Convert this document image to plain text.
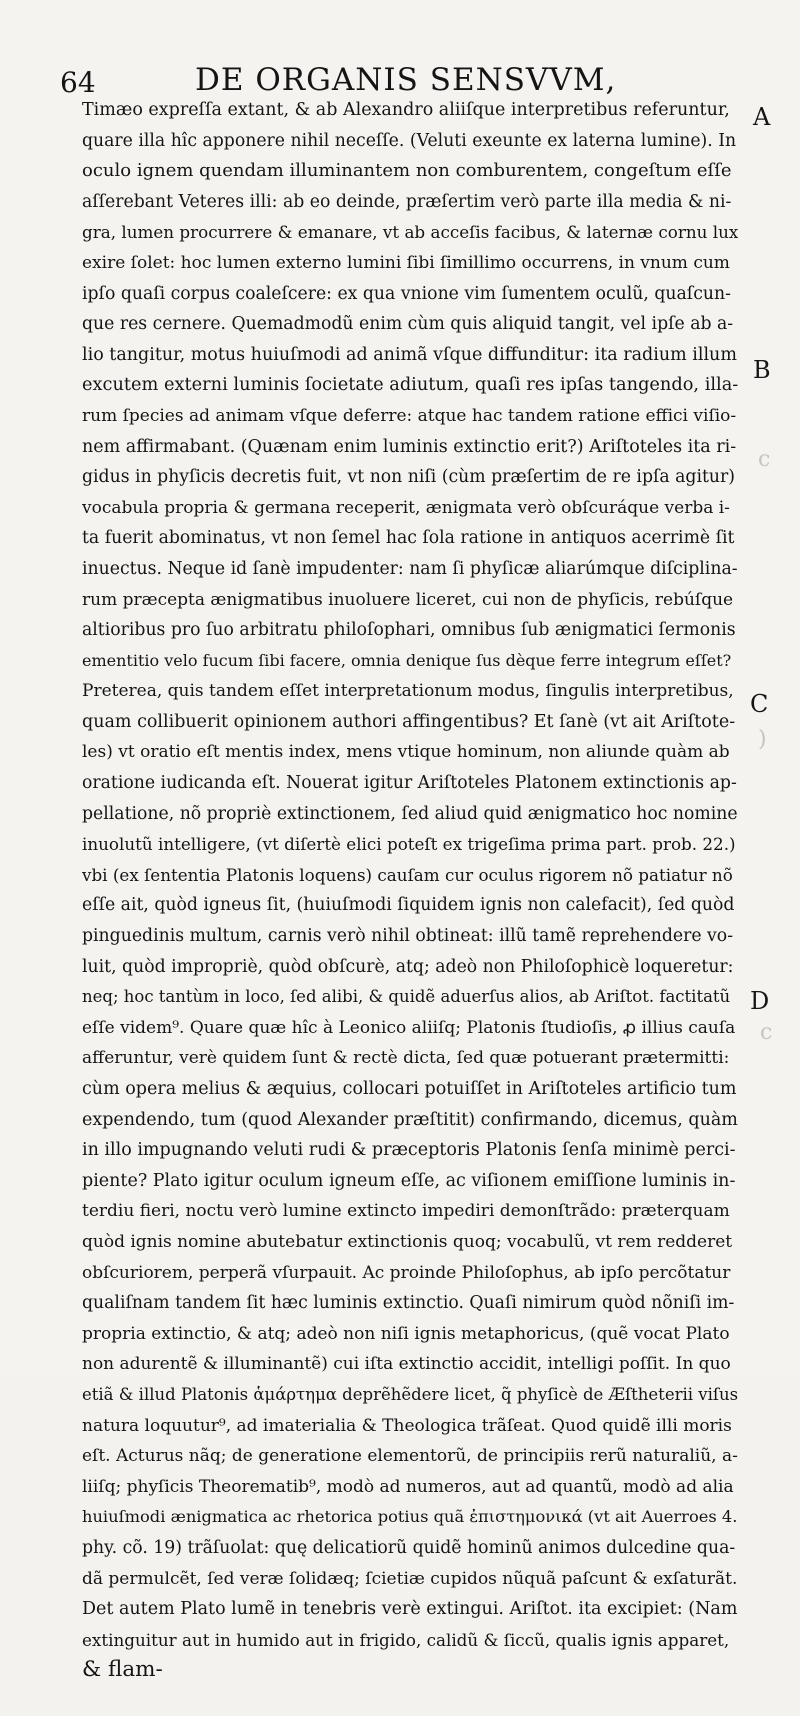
64	DE ORGANIS SENSVVM,
A
B
C
D
Timæo expreſſa extant, & ab Alexandro aliiſque interpretibus referuntur,
quare illa hîc apponere nihil neceſſe. (Veluti exeunte ex laterna lumine). In
oculo ignem quendam illuminantem non comburentem, congeſtum eſſe
aſſerebant Veteres illi: ab eo deinde, præſertim verò parte illa media & ni-
gra, lumen procurrere & emanare, vt ab acceſis facibus, & laternæ cornu lux
exire ſolet: hoc lumen externo lumini ſibi ſimillimo occurrens, in vnum cum
ipſo quaſi corpus coaleſcere: ex qua vnione vim ſumentem oculũ, quaſcun-
que res cernere. Quemadmodũ enim cùm quis aliquid tangit, vel ipſe ab a-
lio tangitur, motus huiuſmodi ad animã vſque diffunditur: ita radium illum
excutem externi luminis ſocietate adiutum, quaſi res ipſas tangendo, illa-
rum ſpecies ad animam vſque deferre: atque hac tandem ratione effici viſio-
nem affirmabant. (Quænam enim luminis extinctio erit?) Ariſtoteles ita ri-
gidus in phyſicis decretis fuit, vt non niſi (cùm præſertim de re ipſa agitur)
vocabula propria & germana receperit, ænigmata verò obſcuráque verba i-
ta fuerit abominatus, vt non ſemel hac ſola ratione in antiquos acerrimè ſit
inuectus. Neque id ſanè impudenter: nam ſi phyſicæ aliarúmque diſciplina-
rum præcepta ænigmatibus inuoluere liceret, cui non de phyſicis, rebúſque
altioribus pro ſuo arbitratu philoſophari, omnibus ſub ænigmatici ſermonis
ementitio velo fucum ſibi facere, omnia denique ſus dèque ferre integrum eſſet?
Preterea, quis tandem eſſet interpretationum modus, ſingulis interpretibus,
quam collibuerit opinionem authori affingentibus? Et ſanè (vt ait Ariſtote-
les) vt oratio eſt mentis index, mens vtique hominum, non aliunde quàm ab
oratione iudicanda eſt. Nouerat igitur Ariſtoteles Platonem extinctionis ap-
pellatione, nõ propriè extinctionem, ſed aliud quid ænigmatico hoc nomine
inuolutũ intelligere, (vt diſertè elici poteſt ex trigeſima prima part. prob. 22.)
vbi (ex ſententia Platonis loquens) cauſam cur oculus rigorem nõ patiatur nõ
eſſe ait, quòd igneus ſit, (huiuſmodi ſiquidem ignis non calefacit), ſed quòd
pinguedinis multum, carnis verò nihil obtineat: illũ tamẽ reprehendere vo-
luit, quòd impropriè, quòd obſcurè, atq; adeò non Philoſophicè loqueretur:
neq; hoc tantùm in loco, ſed alibi, & quidẽ aduerſus alios, ab Ariſtot. factitatũ
eſſe videm⁹. Quare quæ hîc à Leonico aliiſq; Platonis ſtudioſis, ꝓ illius cauſa
afferuntur, verè quidem ſunt & rectè dicta, ſed quæ potuerant prætermitti:
cùm opera melius & æquius, collocari potuiſſet in Ariſtoteles artificio tum
expendendo, tum (quod Alexander præſtitit) confirmando, dicemus, quàm
in illo impugnando veluti rudi & præceptoris Platonis ſenſa minimè perci-
piente? Plato igitur oculum igneum eſſe, ac viſionem emiſſione luminis in-
terdiu fieri, noctu verò lumine extincto impediri demonſtrãdo: præterquam
quòd ignis nomine abutebatur extinctionis quoq; vocabulũ, vt rem redderet
obſcuriorem, perperã vſurpauit. Ac proinde Philoſophus, ab ipſo percõtatur
qualiſnam tandem ſit hæc luminis extinctio. Quaſi nimirum quòd nõniſi im-
propria extinctio, & atq; adeò non niſi ignis metaphoricus, (quẽ vocat Plato
non adurentẽ & illuminantẽ) cui iſta extinctio accidit, intelligi poſſit. In quo
etiã & illud Platonis ἁμάρτημα deprẽhẽdere licet, q̃ phyſicè de Æſtheterii viſus
natura loquutur⁹, ad imaterialia & Theologica trãſeat. Quod quidẽ illi moris
eſt. Acturus nãq; de generatione elementorũ, de principiis rerũ naturaliũ, a-
liiſq; phyſicis Theorematib⁹, modò ad numeros, aut ad quantũ, modò ad alia
huiuſmodi ænigmatica ac rhetorica potius quã ἐπιστημονικά (vt ait Auerroes 4.
phy. cõ. 19) trãſuolat: quę delicatiorũ quidẽ hominũ animos dulcedine qua-
dã permulcẽt, ſed veræ ſolidæq; ſcietiæ cupidos nũquã paſcunt & exſaturãt.
Det autem Plato lumẽ in tenebris verè extingui. Ariſtot. ita excipiet: (Nam
extinguitur aut in humido aut in frigido, calidũ & ſiccũ, qualis ignis apparet,
& flam-
c
)
c
